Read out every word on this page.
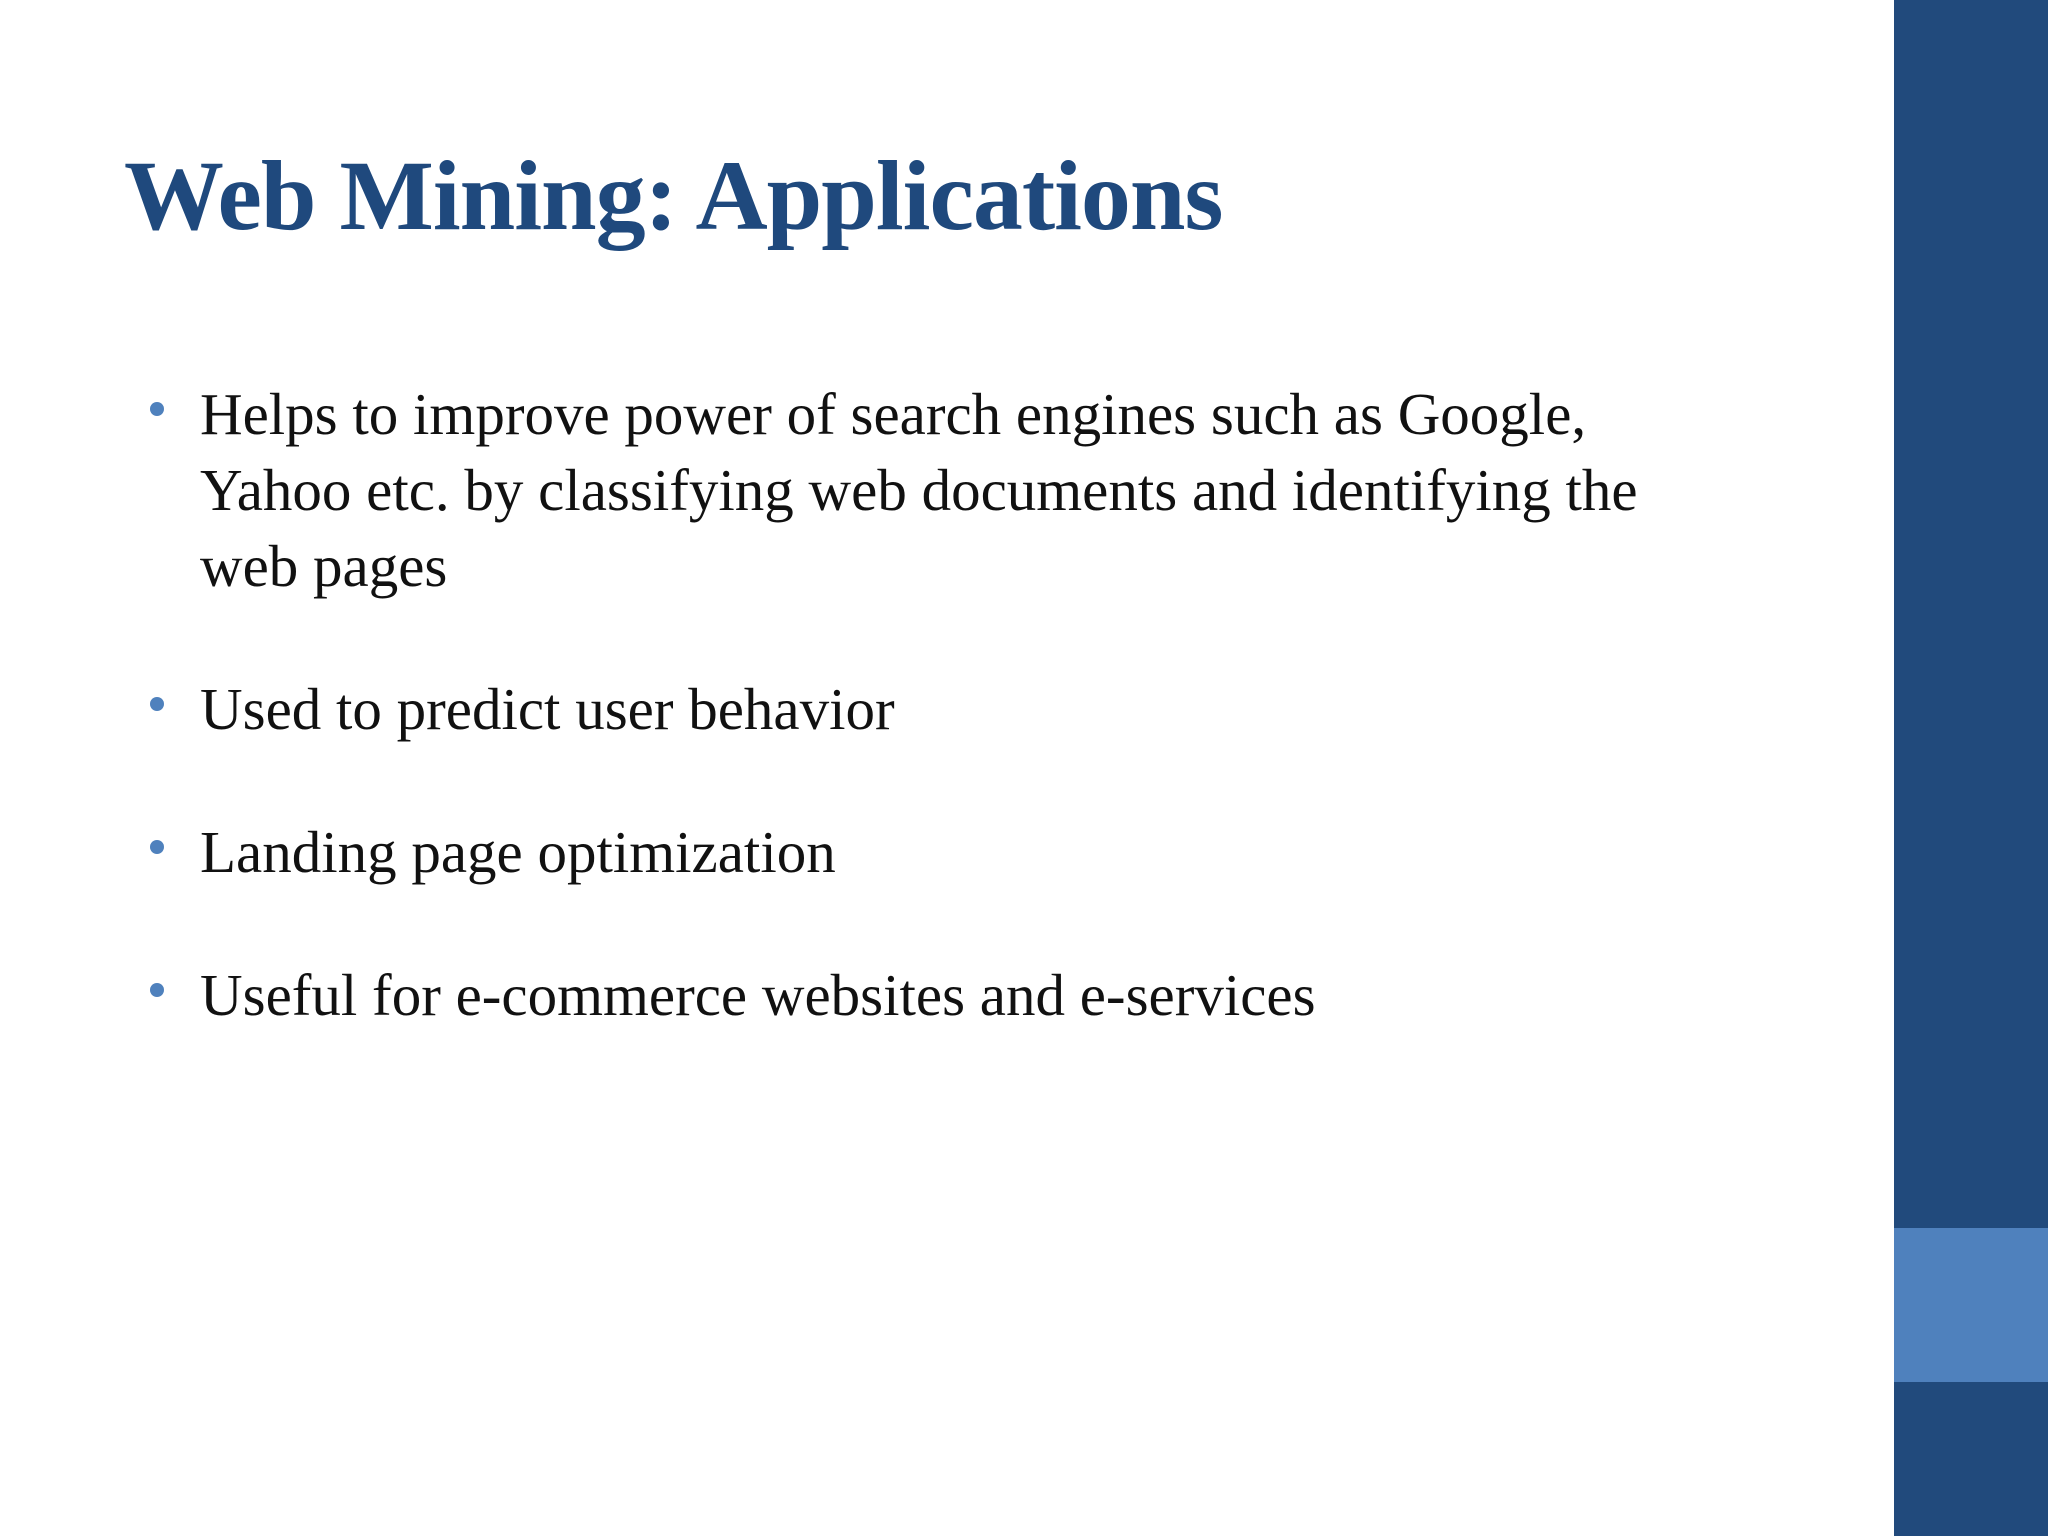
Web Mining: Applications
Helps to improve power of search engines such as Google, Yahoo etc. by classifying web documents and identifying the web pages
Used to predict user behavior
Landing page optimization
Useful for e-commerce websites and e-services
